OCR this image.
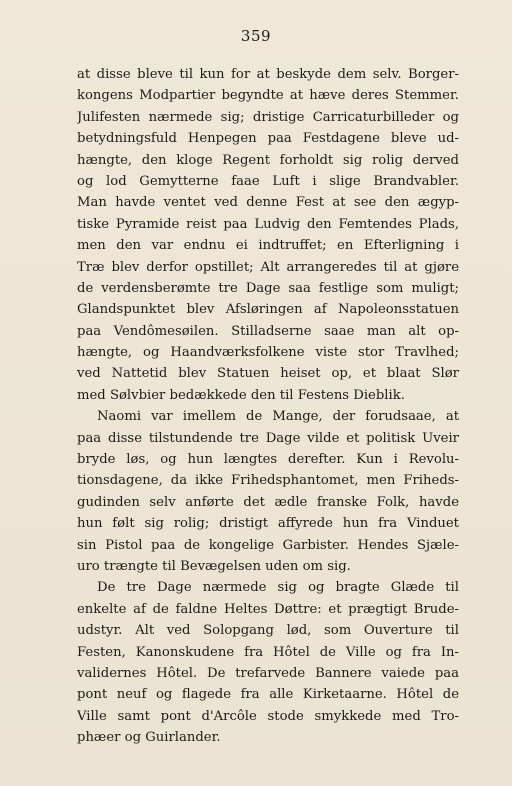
359
at disse bleve til kun for at beskyde dem selv. Borger-
kongens Modpartier begyndte at hæve deres Stemmer.
Julifesten nærmede sig; dristige Carricaturbilleder og
betydningsfuld Henpegen paa Festdagene bleve ud-
hængte, den kloge Regent forholdt sig rolig derved
og lod Gemytterne faae Luft i slige Brandvabler.
Man havde ventet ved denne Fest at see den ægyp-
tiske Pyramide reist paa Ludvig den Femtendes Plads,
men den var endnu ei indtruffet; en Efterligning i
Træ blev derfor opstillet; Alt arrangeredes til at gjøre
de verdensberømte tre Dage saa festlige som muligt;
Glandspunktet blev Afsløringen af Napoleonsstatuen
paa Vendômesøilen. Stilladserne saae man alt op-
hængte, og Haandværksfolkene viste stor Travlhed;
ved Nattetid blev Statuen heiset op, et blaat Slør
med Sølvbier bedækkede den til Festens Dieblik.
Naomi var imellem de Mange, der forudsaae, at
paa disse tilstundende tre Dage vilde et politisk Uveir
bryde løs, og hun længtes derefter. Kun i Revolu-
tionsdagene, da ikke Frihedsphantomet, men Friheds-
gudinden selv anførte det ædle franske Folk, havde
hun følt sig rolig; dristigt affyrede hun fra Vinduet
sin Pistol paa de kongelige Garbister. Hendes Sjæle-
uro trængte til Bevægelsen uden om sig.
De tre Dage nærmede sig og bragte Glæde til
enkelte af de faldne Heltes Døttre: et prægtigt Brude-
udstyr. Alt ved Solopgang lød, som Ouverture til
Festen, Kanonskudene fra Hôtel de Ville og fra In-
validernes Hôtel. De trefarvede Bannere vaiede paa
pont neuf og flagede fra alle Kirketaarne. Hôtel de
Ville samt pont d'Arcôle stode smykkede med Tro-
phæer og Guirlander.
